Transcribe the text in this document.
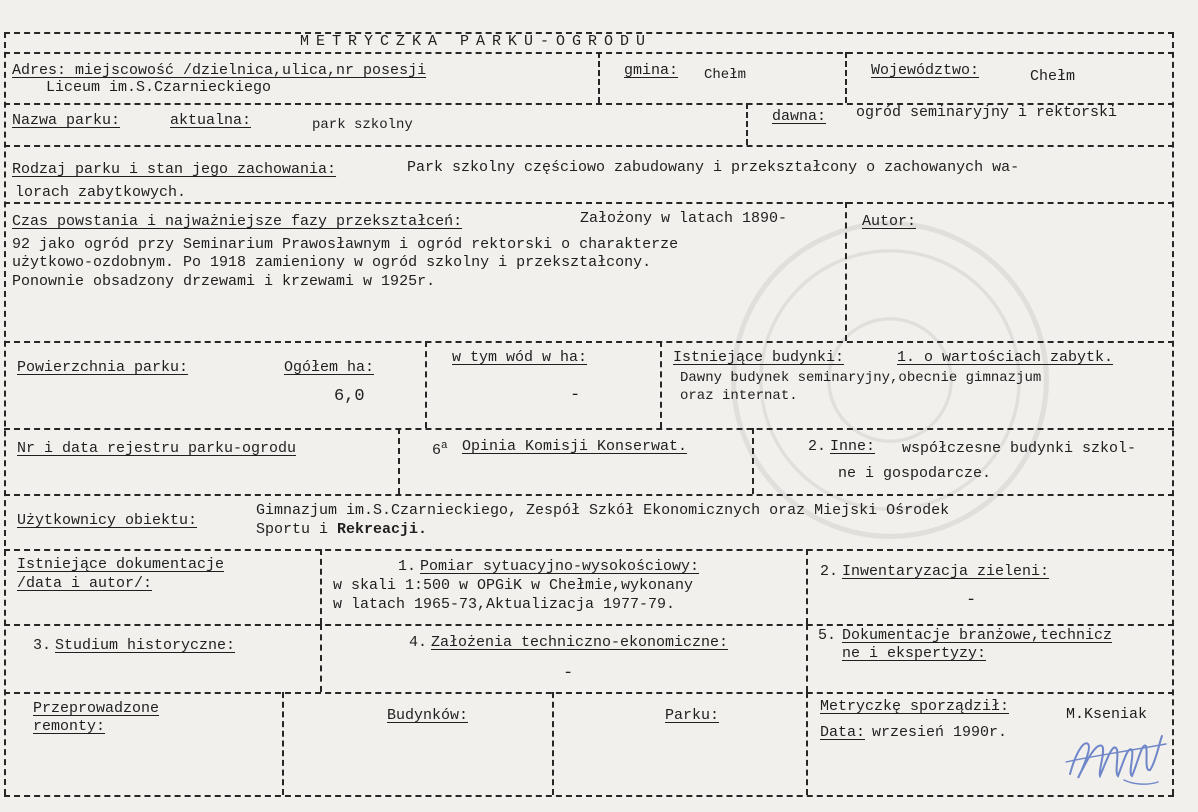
METRYCZKA PARKU-OGRODU
Adres: miejscowość /dzielnica,ulica,nr posesji
Liceum im.S.Czarnieckiego
gmina: Chełm	Województwo:	Chełm
Nazwa parku:	aktualna:	park szkolny	dawna: ogród seminaryjny i rektorski
Rodzaj parku i stan jego zachowania:	Park szkolny częściowo zabudowany i przekształcony o zachowanych wa-
lorach zabytkowych.
Czas powstania i najważniejsze fazy przekształceń:	Założony w latach 1890-
92 jako ogród przy Seminarium Prawosławnym i ogród rektorski o charakterze
użytkowo-ozdobnym. Po 1918 zamieniony w ogród szkolny i przekształcony.
Ponownie obsadzony drzewami i krzewami w 1925r.
Autor:
Powierzchnia parku:	Ogółem ha:
6,0
w tym wód w ha:
-
Istniejące budynki:	1. o wartościach zabytk.
Dawny budynek seminaryjny,obecnie gimnazjum
oraz internat.
Nr i data rejestru parku-ogrodu	6$^a$ Opinia Komisji Konserwat.	2. Inne: współczesne budynki szkol-
ne i gospodarcze.
Użytkownicy obiektu:
Gimnazjum im.S.Czarnieckiego, Zespół Szkół Ekonomicznych oraz Miejski Ośrodek
Sportu i Rekreacji.
Istniejące dokumentacje
/data i autor/:
1. Pomiar sytuacyjno-wysokościowy:
w skali 1:500 w OPGiK w Chełmie,wykonany
w latach 1965-73,Aktualizacja 1977-79.
2. Inwentaryzacja zieleni:
-
3. Studium historyczne:	4. Założenia techniczno-ekonomiczne:
-
5. Dokumentacje branżowe,technicz
ne i ekspertyzy:
Przeprowadzone
remonty:
Budynków:	Parku:
Metryczkę sporządził:	M.Kseniak
Data: wrzesień 1990r.
